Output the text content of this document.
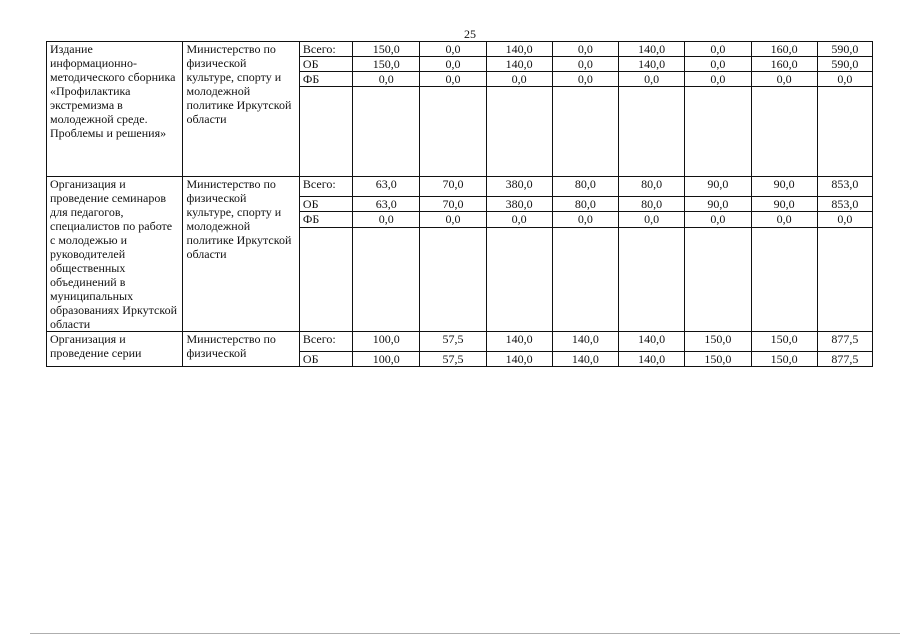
25
Издание информационно-методического сборника «Профилактика экстремизма в молодежной среде. Проблемы и решения»	Министерство по физической культуре, спорту и молодежной политике Иркутской области	Всего:	150,0	0,0	140,0	0,0	140,0	0,0	160,0	590,0
		ОБ	150,0	0,0	140,0	0,0	140,0	0,0	160,0	590,0
		ФБ	0,0	0,0	0,0	0,0	0,0	0,0	0,0	0,0

Организация и проведение семинаров для педагогов, специалистов по работе с молодежью и руководителей общественных объединений в муниципальных образованиях Иркутской области	Министерство по физической культуре, спорту и молодежной политике Иркутской области	Всего:	63,0	70,0	380,0	80,0	80,0	90,0	90,0	853,0
		ОБ	63,0	70,0	380,0	80,0	80,0	90,0	90,0	853,0
		ФБ	0,0	0,0	0,0	0,0	0,0	0,0	0,0	0,0

Организация и проведение серии	Министерство по физической	Всего:	100,0	57,5	140,0	140,0	140,0	150,0	150,0	877,5
		ОБ	100,0	57,5	140,0	140,0	140,0	150,0	150,0	877,5
